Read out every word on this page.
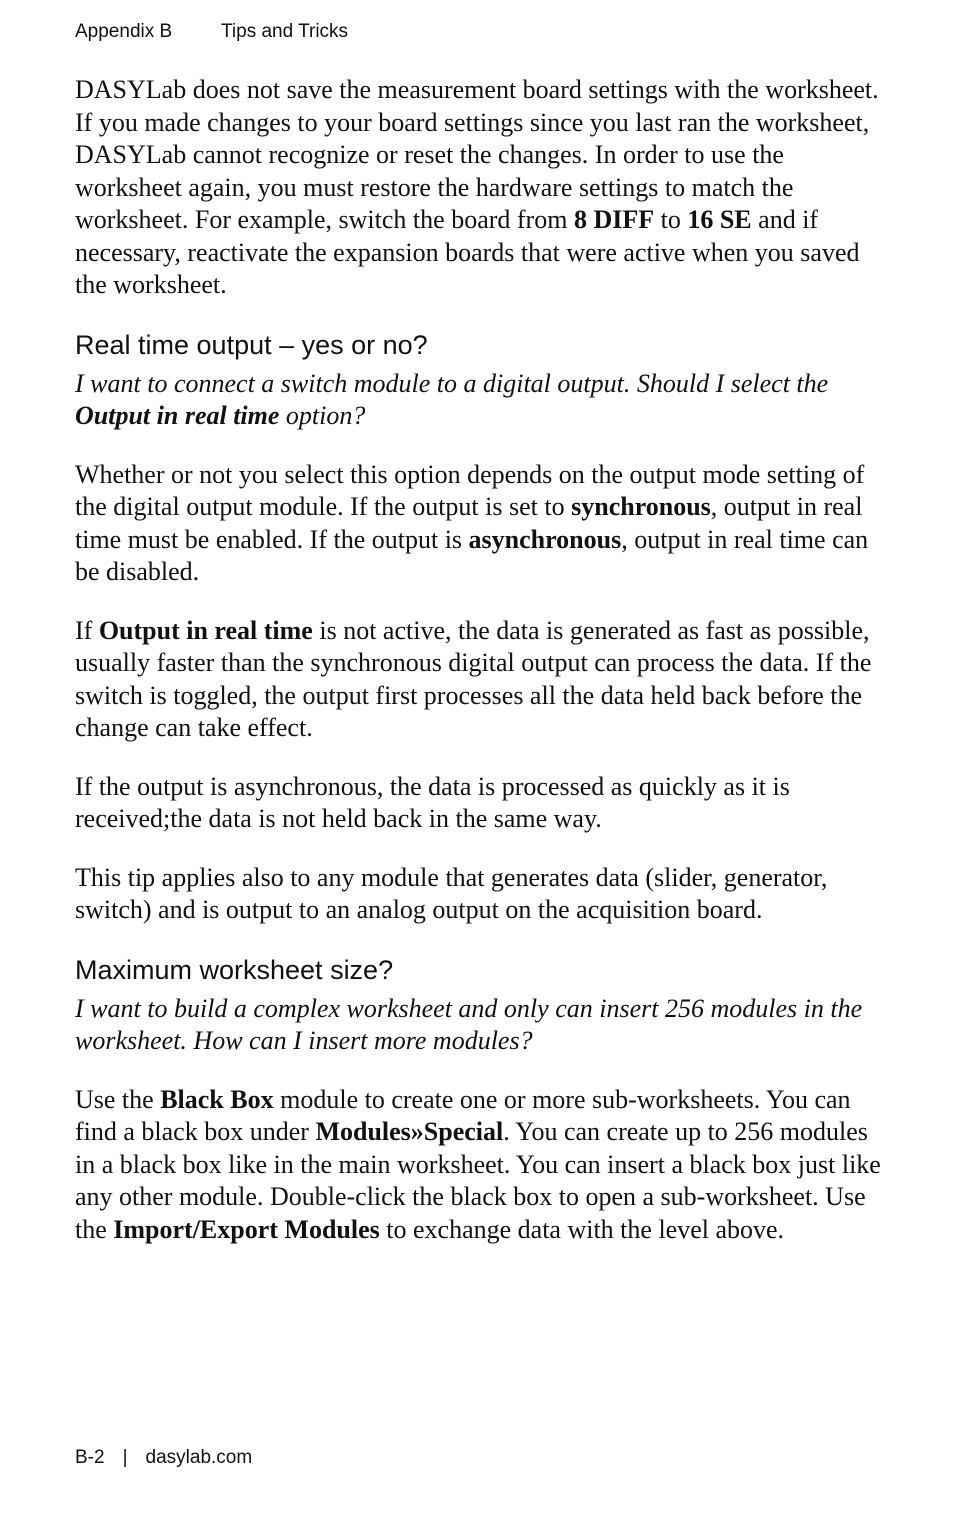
Appendix B	Tips and Tricks

DASYLab does not save the measurement board settings with the worksheet. If you made changes to your board settings since you last ran the worksheet, DASYLab cannot recognize or reset the changes. In order to use the worksheet again, you must restore the hardware settings to match the worksheet. For example, switch the board from 8 DIFF to 16 SE and if necessary, reactivate the expansion boards that were active when you saved the worksheet.

Real time output – yes or no?

I want to connect a switch module to a digital output. Should I select the Output in real time option?

Whether or not you select this option depends on the output mode setting of the digital output module. If the output is set to synchronous, output in real time must be enabled. If the output is asynchronous, output in real time can be disabled.

If Output in real time is not active, the data is generated as fast as possible, usually faster than the synchronous digital output can process the data. If the switch is toggled, the output first processes all the data held back before the change can take effect.

If the output is asynchronous, the data is processed as quickly as it is received;the data is not held back in the same way.

This tip applies also to any module that generates data (slider, generator, switch) and is output to an analog output on the acquisition board.

Maximum worksheet size?

I want to build a complex worksheet and only can insert 256 modules in the worksheet. How can I insert more modules?

Use the Black Box module to create one or more sub-worksheets. You can find a black box under Modules»Special. You can create up to 256 modules in a black box like in the main worksheet. You can insert a black box just like any other module. Double-click the black box to open a sub-worksheet. Use the Import/Export Modules to exchange data with the level above.

B-2 | dasylab.com
